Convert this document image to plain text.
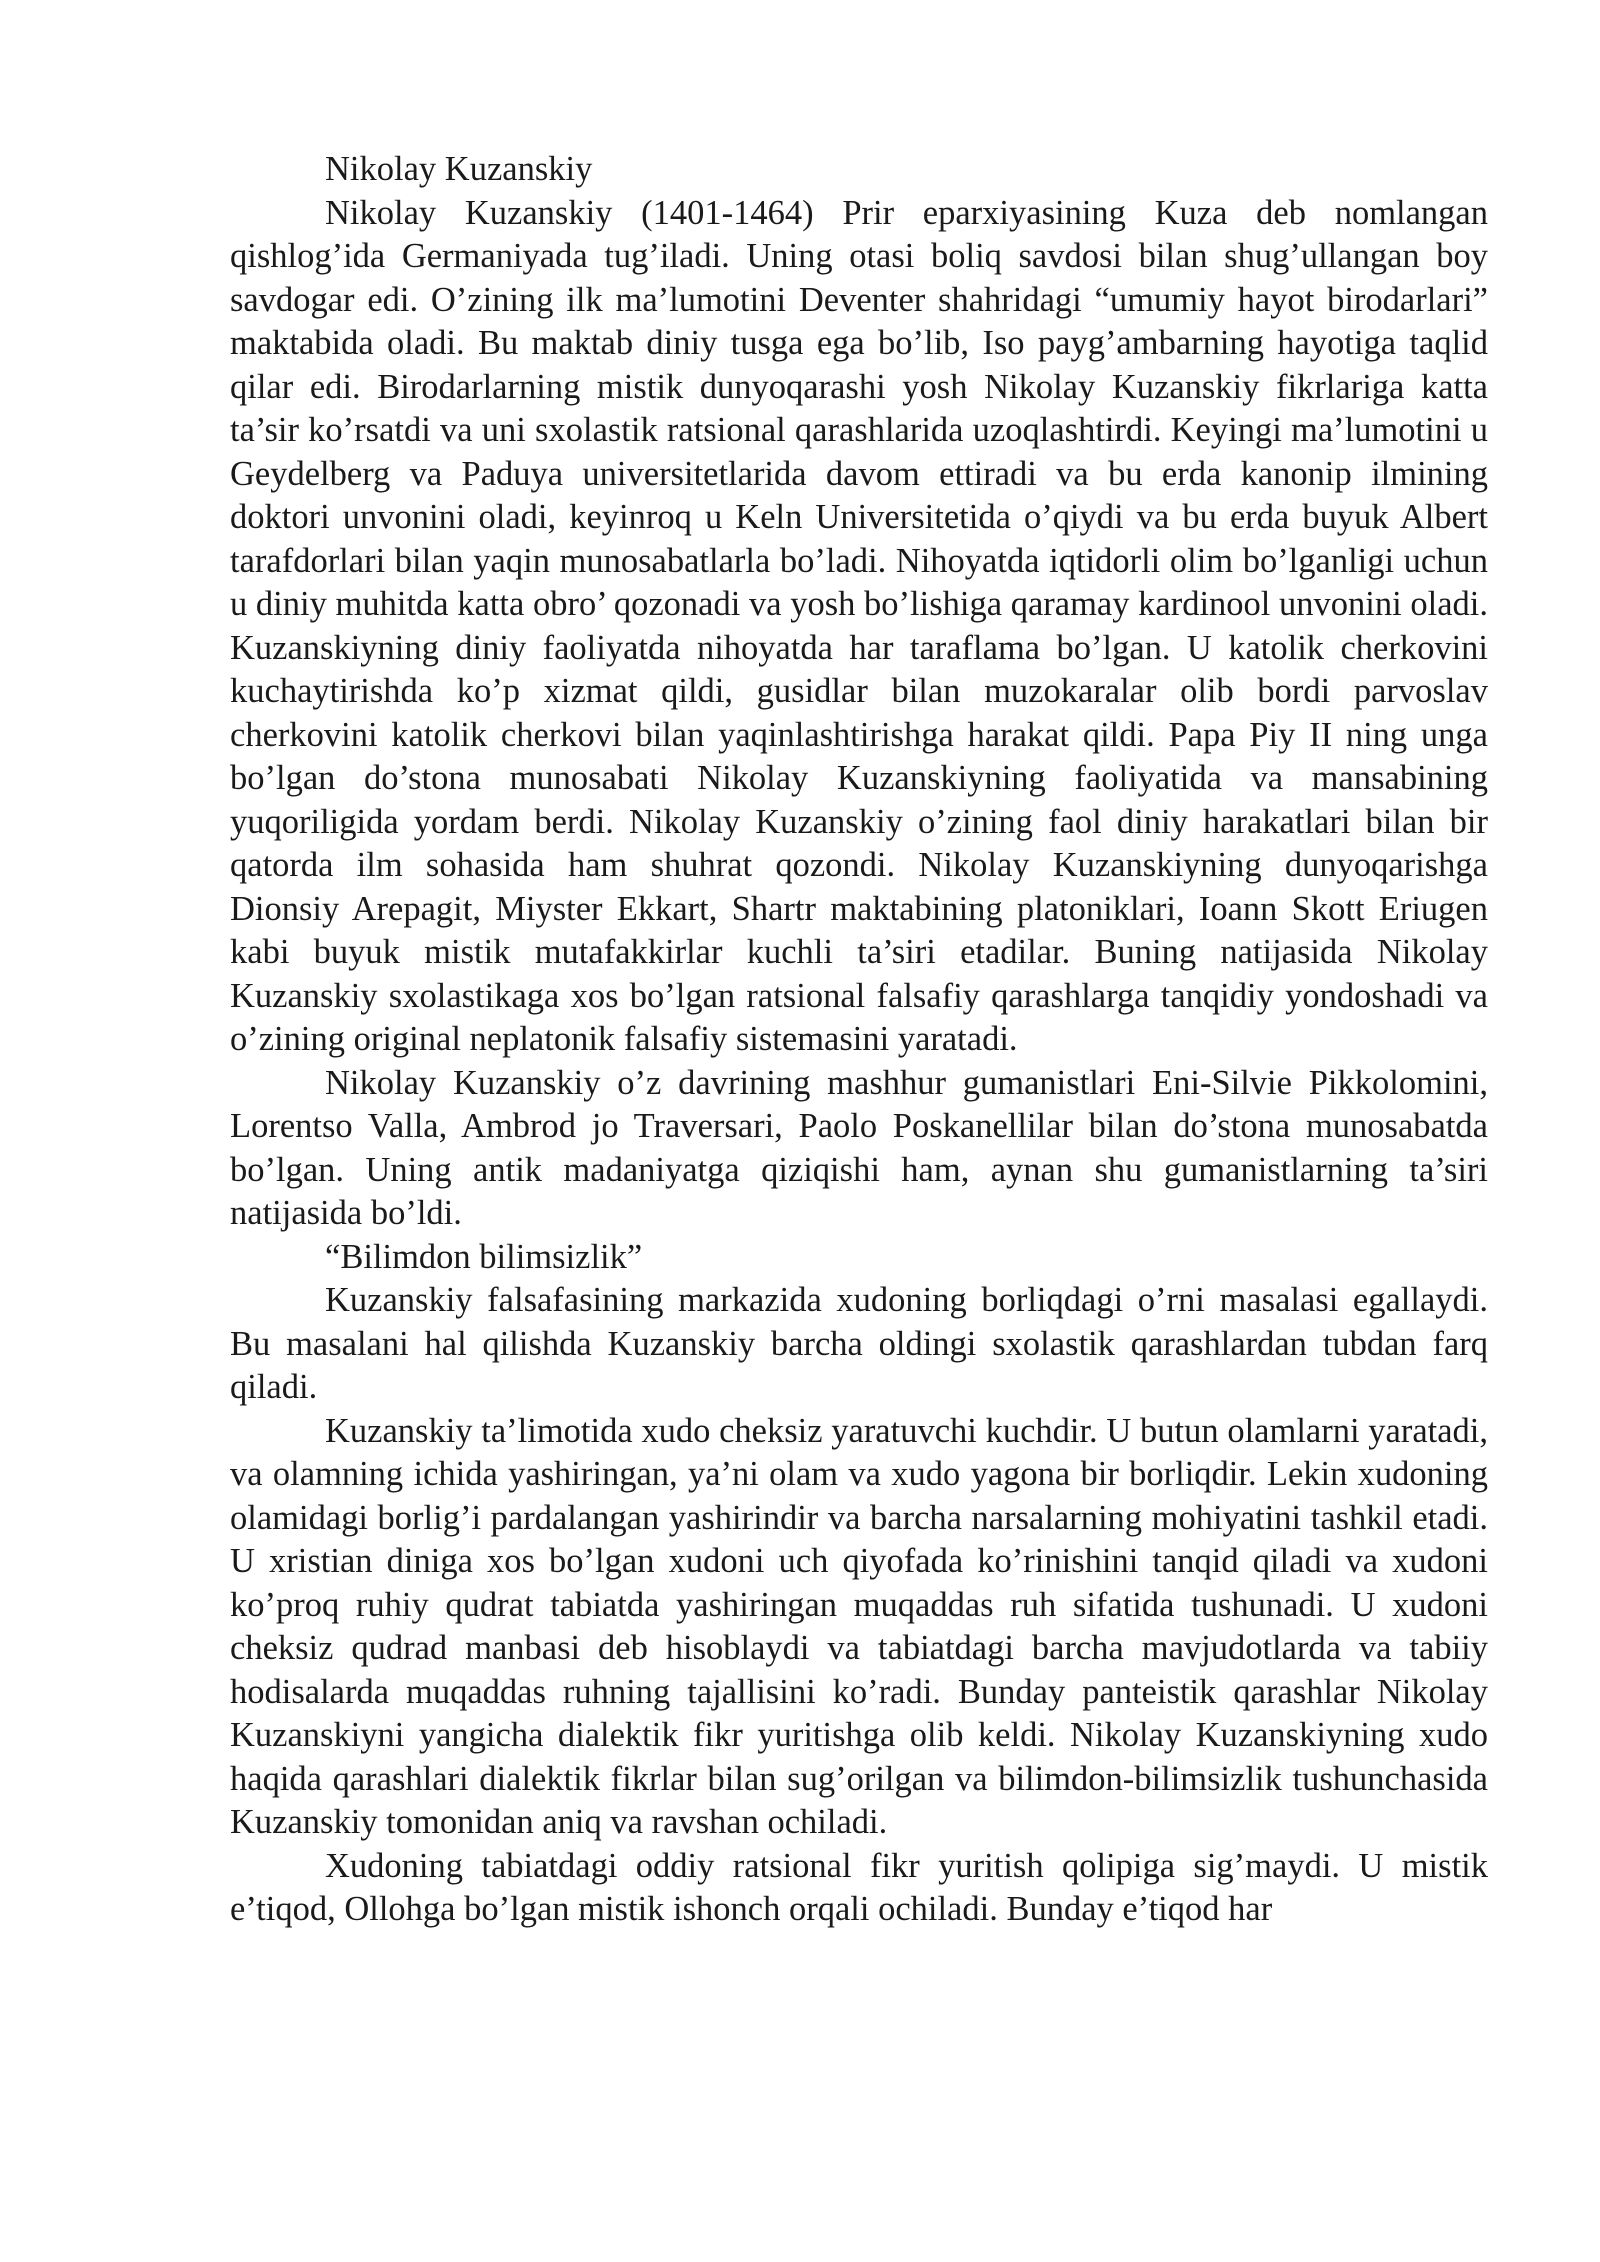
Nikolay Kuzanskiy

Nikolay Kuzanskiy (1401-1464) Prir eparxiyasining Kuza deb nomlangan qishlog’ida Germaniyada tug’iladi. Uning otasi boliq savdosi bilan shug’ullangan boy savdogar edi. O’zining ilk ma’lumotini Deventer shahridagi “umumiy hayot birodarlari” maktabida oladi. Bu maktab diniy tusga ega bo’lib, Iso payg’ambarning hayotiga taqlid qilar edi. Birodarlarning mistik dunyoqarashi yosh Nikolay Kuzanskiy fikrlariga katta ta’sir ko’rsatdi va uni sxolastik ratsional qarashlarida uzoqlashtirdi. Keyingi ma’lumotini u Geydelberg va Paduya universitetlarida davom ettiradi va bu erda kanonip ilmining doktori unvonini oladi, keyinroq u Keln Universitetida o’qiydi va bu erda buyuk Albert tarafdorlari bilan yaqin munosabatlarla bo’ladi. Nihoyatda iqtidorli olim bo’lganligi uchun u diniy muhitda katta obro’ qozonadi va yosh bo’lishiga qaramay kardinool unvonini oladi. Kuzanskiyning diniy faoliyatda nihoyatda har taraflama bo’lgan. U katolik cherkovini kuchaytirishda ko’p xizmat qildi, gusidlar bilan muzokaralar olib bordi parvoslav cherkovini katolik cherkovi bilan yaqinlashtirishga harakat qildi. Papa Piy II ning unga bo’lgan do’stona munosabati Nikolay Kuzanskiyning faoliyatida va mansabining yuqoriligida yordam berdi. Nikolay Kuzanskiy o’zining faol diniy harakatlari bilan bir qatorda ilm sohasida ham shuhrat qozondi. Nikolay Kuzanskiyning dunyoqarishga Dionsiy Arepagit, Miyster Ekkart, Shartr maktabining platoniklari, Ioann Skott Eriugen kabi buyuk mistik mutafakkirlar kuchli ta’siri etadilar. Buning natijasida Nikolay Kuzanskiy sxolastikaga xos bo’lgan ratsional falsafiy qarashlarga tanqidiy yondoshadi va o’zining original neplatonik falsafiy sistemasini yaratadi.

Nikolay Kuzanskiy o’z davrining mashhur gumanistlari Eni-Silvie Pikkolomini, Lorentso Valla, Ambrod jo Traversari, Paolo Poskanellilar bilan do’stona munosabatda bo’lgan. Uning antik madaniyatga qiziqishi ham, aynan shu gumanistlarning ta’siri natijasida bo’ldi.

“Bilimdon bilimsizlik”

Kuzanskiy falsafasining markazida xudoning borliqdagi o’rni masalasi egallaydi. Bu masalani hal qilishda Kuzanskiy barcha oldingi sxolastik qarashlardan tubdan farq qiladi.

Kuzanskiy ta’limotida xudo cheksiz yaratuvchi kuchdir. U butun olamlarni yaratadi, va olamning ichida yashiringan, ya’ni olam va xudo yagona bir borliqdir. Lekin xudoning olamidagi borlig’i pardalangan yashirindir va barcha narsalarning mohiyatini tashkil etadi. U xristian diniga xos bo’lgan xudoni uch qiyofada ko’rinishini tanqid qiladi va xudoni ko’proq ruhiy qudrat tabiatda yashiringan muqaddas ruh sifatida tushunadi. U xudoni cheksiz qudrad manbasi deb hisoblaydi va tabiatdagi barcha mavjudotlarda va tabiiy hodisalarda muqaddas ruhning tajallisini ko’radi. Bunday panteistik qarashlar Nikolay Kuzanskiyni yangicha dialektik fikr yuritishga olib keldi. Nikolay Kuzanskiyning xudo haqida qarashlari dialektik fikrlar bilan sug’orilgan va bilimdon-bilimsizlik tushunchasida Kuzanskiy tomonidan aniq va ravshan ochiladi.

Xudoning tabiatdagi oddiy ratsional fikr yuritish qolipiga sig’maydi. U mistik e’tiqod, Ollohga bo’lgan mistik ishonch orqali ochiladi. Bunday e’tiqod har
